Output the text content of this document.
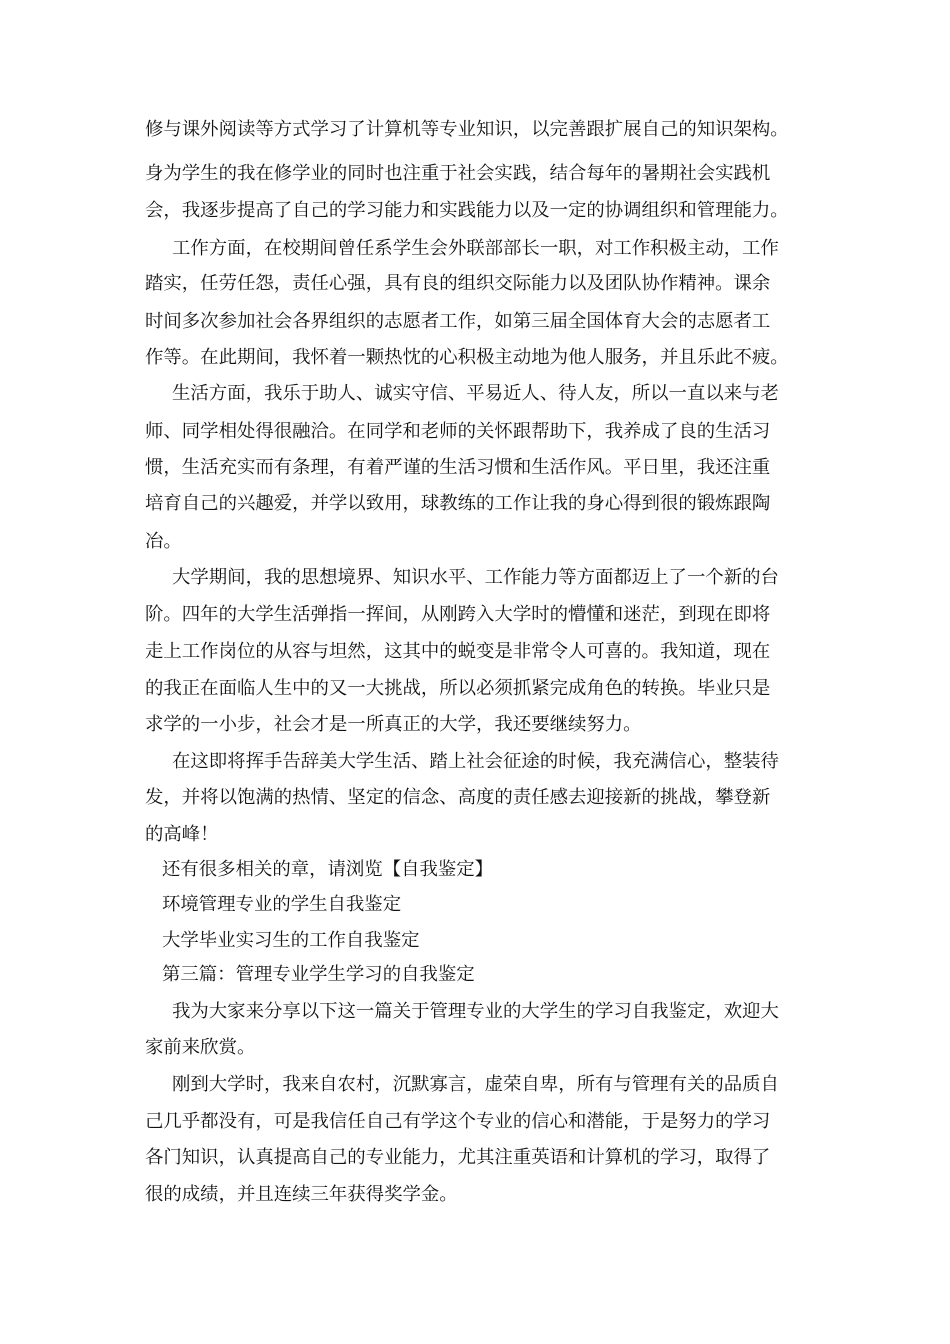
修与课外阅读等方式学习了计算机等专业知识，以完善跟扩展自己的知识架构。
身为学生的我在修学业的同时也注重于社会实践，结合每年的暑期社会实践机
会，我逐步提高了自己的学习能力和实践能力以及一定的协调组织和管理能力。
工作方面，在校期间曾任系学生会外联部部长一职，对工作积极主动，工作
踏实，任劳任怨，责任心强，具有良的组织交际能力以及团队协作精神。课余
时间多次参加社会各界组织的志愿者工作，如第三届全国体育大会的志愿者工
作等。在此期间，我怀着一颗热忱的心积极主动地为他人服务，并且乐此不疲。
生活方面，我乐于助人、诚实守信、平易近人、待人友，所以一直以来与老
师、同学相处得很融洽。在同学和老师的关怀跟帮助下，我养成了良的生活习
惯，生活充实而有条理，有着严谨的生活习惯和生活作风。平日里，我还注重
培育自己的兴趣爱，并学以致用，球教练的工作让我的身心得到很的锻炼跟陶
冶。
大学期间，我的思想境界、知识水平、工作能力等方面都迈上了一个新的台
阶。四年的大学生活弹指一挥间，从刚跨入大学时的懵懂和迷茫，到现在即将
走上工作岗位的从容与坦然，这其中的蜕变是非常令人可喜的。我知道，现在
的我正在面临人生中的又一大挑战，所以必须抓紧完成角色的转换。毕业只是
求学的一小步，社会才是一所真正的大学，我还要继续努力。
在这即将挥手告辞美大学生活、踏上社会征途的时候，我充满信心，整装待
发，并将以饱满的热情、坚定的信念、高度的责任感去迎接新的挑战，攀登新
的高峰！
还有很多相关的章，请浏览【自我鉴定】
环境管理专业的学生自我鉴定
大学毕业实习生的工作自我鉴定
第三篇：管理专业学生学习的自我鉴定
我为大家来分享以下这一篇关于管理专业的大学生的学习自我鉴定，欢迎大
家前来欣赏。
刚到大学时，我来自农村，沉默寡言，虚荣自卑，所有与管理有关的品质自
己几乎都没有，可是我信任自己有学这个专业的信心和潜能，于是努力的学习
各门知识，认真提高自己的专业能力，尤其注重英语和计算机的学习，取得了
很的成绩，并且连续三年获得奖学金。
